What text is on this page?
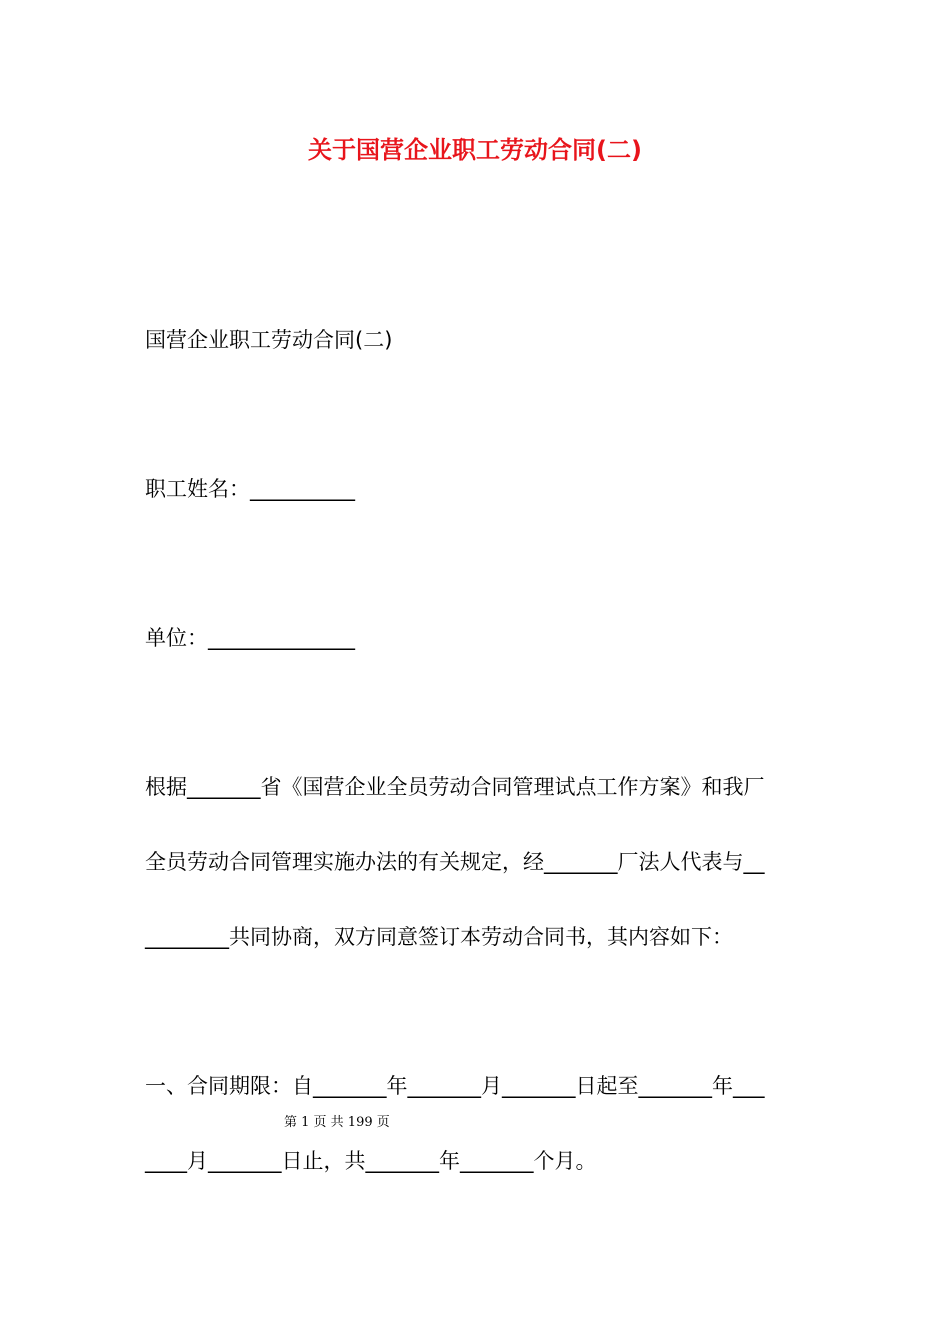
关于国营企业职工劳动合同(二)
国营企业职工劳动合同(二)
职工姓名：__________
单位：______________
根据_______省《国营企业全员劳动合同管理试点工作方案》和我厂
全员劳动合同管理实施办法的有关规定，经_______厂法人代表与__
________共同协商，双方同意签订本劳动合同书，其内容如下：
一、合同期限：自_______年_______月_______日起至_______年___
第 1 页 共 199 页
____月_______日止，共_______年_______个月。
